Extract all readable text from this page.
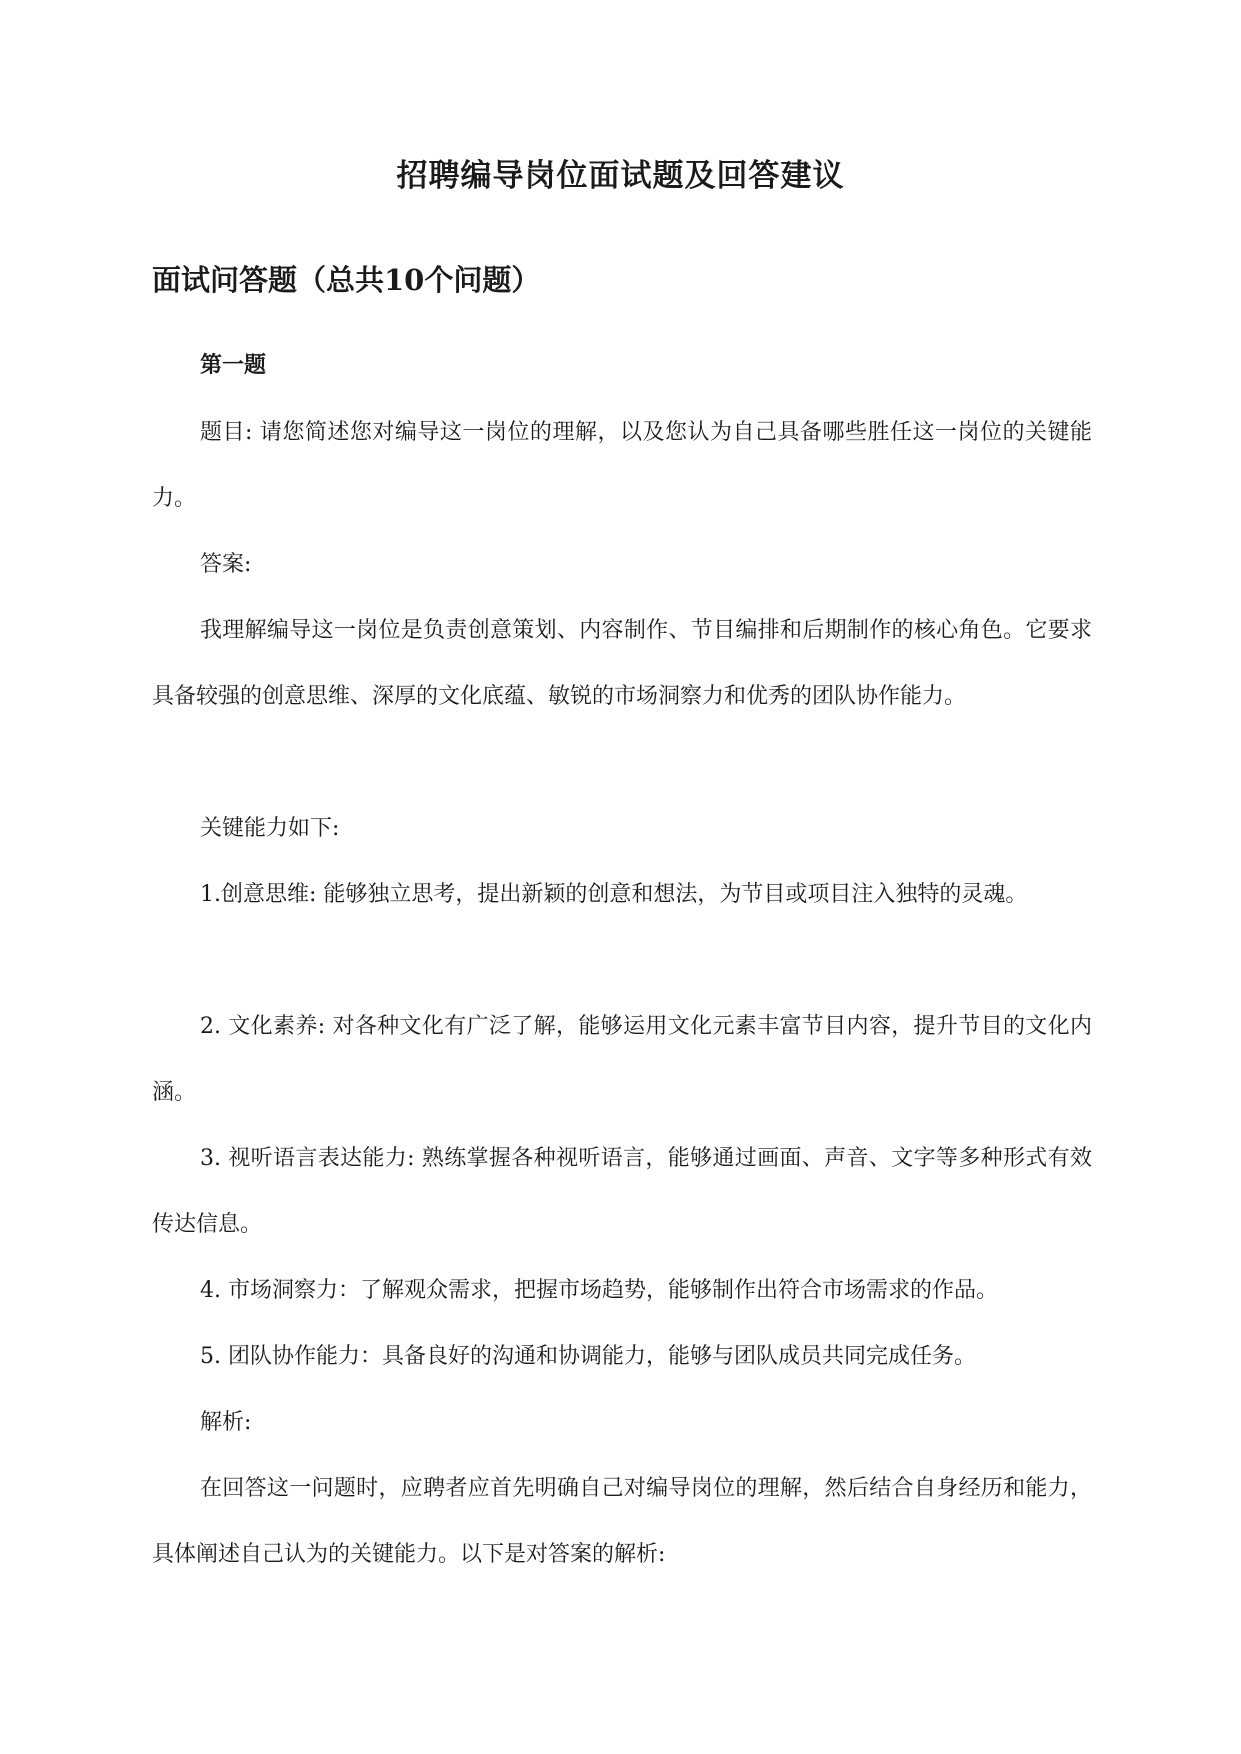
招聘编导岗位面试题及回答建议
面试问答题（总共10个问题）
第一题

题目: 请您简述您对编导这一岗位的理解，以及您认为自己具备哪些胜任这一岗位的关键能力。

答案:

我理解编导这一岗位是负责创意策划、内容制作、节目编排和后期制作的核心角色。它要求具备较强的创意思维、深厚的文化底蕴、敏锐的市场洞察力和优秀的团队协作能力。

关键能力如下:

1.创意思维: 能够独立思考，提出新颖的创意和想法，为节目或项目注入独特的灵魂。

2. 文化素养: 对各种文化有广泛了解，能够运用文化元素丰富节目内容，提升节目的文化内涵。

3. 视听语言表达能力: 熟练掌握各种视听语言，能够通过画面、声音、文字等多种形式有效传达信息。

4. 市场洞察力：了解观众需求，把握市场趋势，能够制作出符合市场需求的作品。

5. 团队协作能力：具备良好的沟通和协调能力，能够与团队成员共同完成任务。

解析:

在回答这一问题时，应聘者应首先明确自己对编导岗位的理解，然后结合自身经历和能力，具体阐述自己认为的关键能力。以下是对答案的解析:
